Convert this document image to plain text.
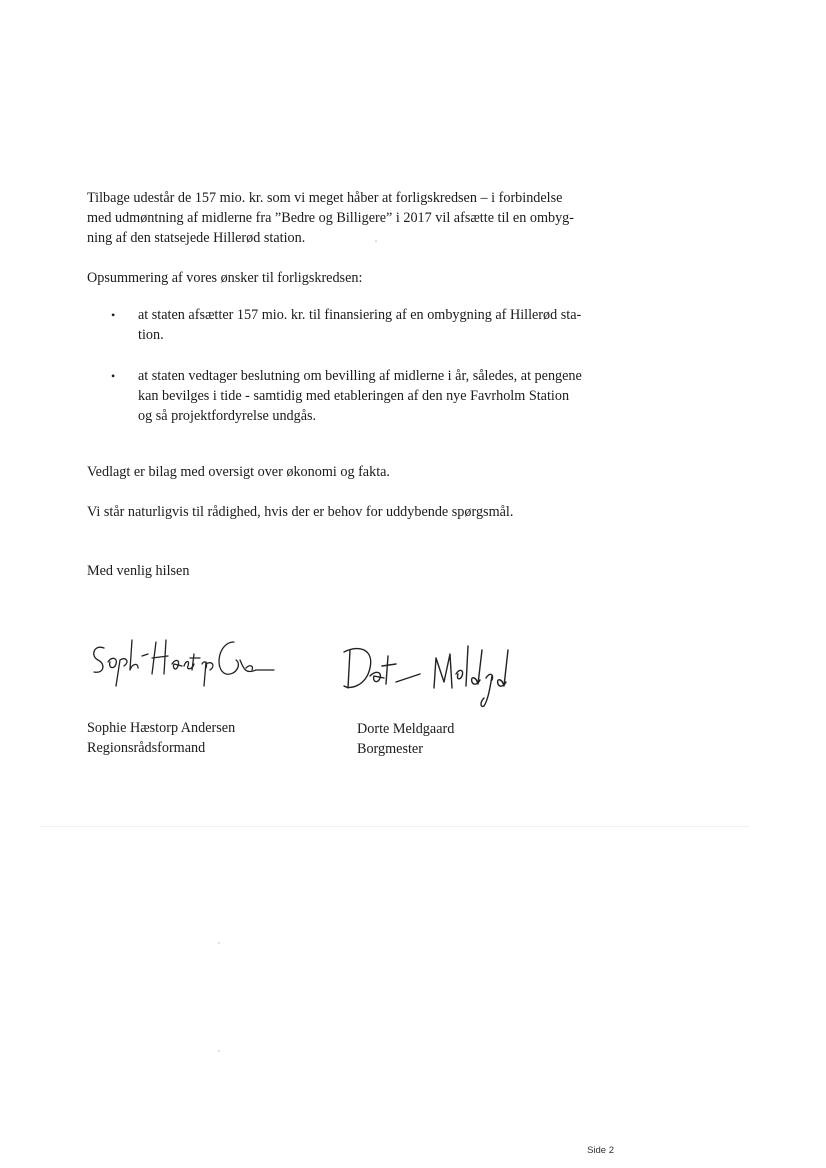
Tilbage udestår de 157 mio. kr. som vi meget håber at forligskredsen – i forbindelse
med udmøntning af midlerne fra ”Bedre og Billigere” i 2017 vil afsætte til en ombyg-
ning af den statsejede Hillerød station.
Opsummering af vores ønsker til forligskredsen:
• at staten afsætter 157 mio. kr. til finansiering af en ombygning af Hillerød sta-
tion.
• at staten vedtager beslutning om bevilling af midlerne i år, således, at pengene
kan bevilges i tide - samtidig med etableringen af den nye Favrholm Station
og så projektfordyrelse undgås.
Vedlagt er bilag med oversigt over økonomi og fakta.
Vi står naturligvis til rådighed, hvis der er behov for uddybende spørgsmål.
Med venlig hilsen
Sophie Hæstorp Andersen
Regionsrådsformand
Dorte Meldgaard
Borgmester
Side 2
